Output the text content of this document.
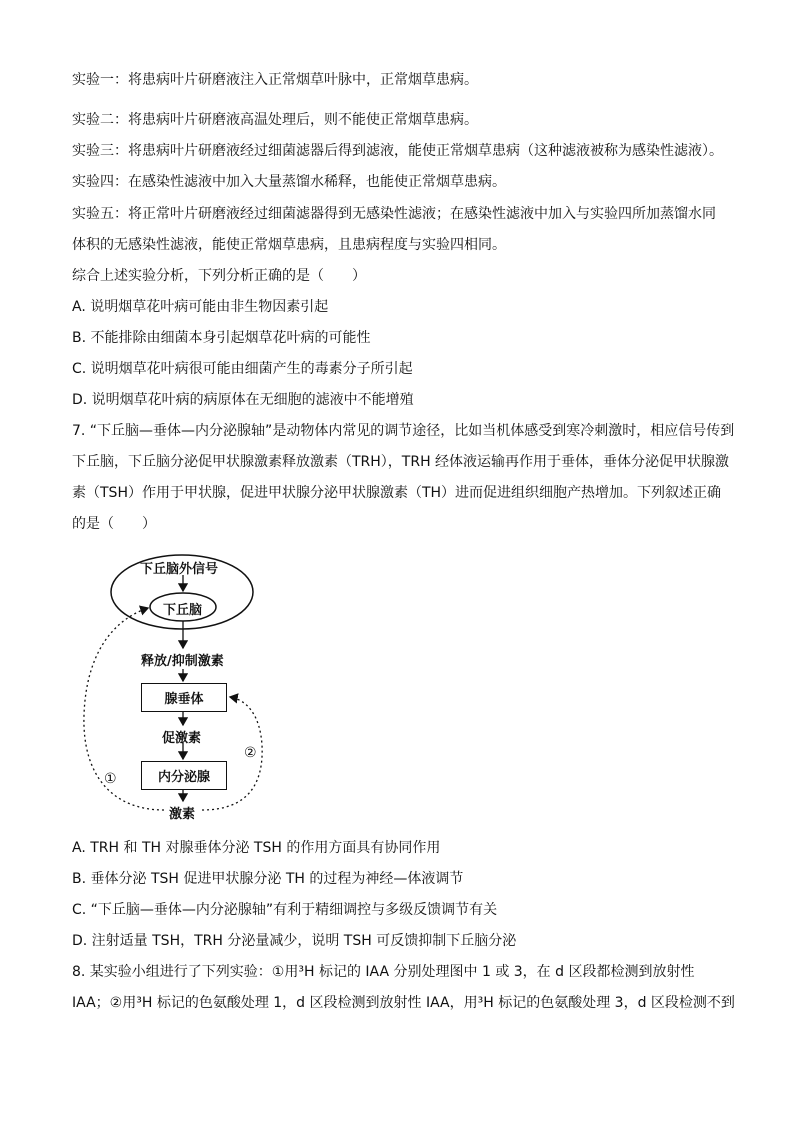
实验一：将患病叶片研磨液注入正常烟草叶脉中，正常烟草患病。
实验二：将患病叶片研磨液高温处理后，则不能使正常烟草患病。
实验三：将患病叶片研磨液经过细菌滤器后得到滤液，能使正常烟草患病（这种滤液被称为感染性滤液）。
实验四：在感染性滤液中加入大量蒸馏水稀释，也能使正常烟草患病。
实验五：将正常叶片研磨液经过细菌滤器得到无感染性滤液；在感染性滤液中加入与实验四所加蒸馏水同
体积的无感染性滤液，能使正常烟草患病，且患病程度与实验四相同。
综合上述实验分析，下列分析正确的是（　　）
A. 说明烟草花叶病可能由非生物因素引起
B. 不能排除由细菌本身引起烟草花叶病的可能性
C. 说明烟草花叶病很可能由细菌产生的毒素分子所引起
D. 说明烟草花叶病的病原体在无细胞的滤液中不能增殖
7. “下丘脑—垂体—内分泌腺轴”是动物体内常见的调节途径，比如当机体感受到寒冷刺激时，相应信号传到
下丘脑，下丘脑分泌促甲状腺激素释放激素（TRH），TRH 经体液运输再作用于垂体，垂体分泌促甲状腺激
素（TSH）作用于甲状腺，促进甲状腺分泌甲状腺激素（TH）进而促进组织细胞产热增加。下列叙述正确
的是（　　）
下丘脑外信号
下丘脑
释放/抑制激素
腺垂体
促激素
内分泌腺
激素
①
②
A. TRH 和 TH 对腺垂体分泌 TSH 的作用方面具有协同作用
B. 垂体分泌 TSH 促进甲状腺分泌 TH 的过程为神经—体液调节
C. “下丘脑—垂体—内分泌腺轴”有利于精细调控与多级反馈调节有关
D. 注射适量 TSH，TRH 分泌量减少，说明 TSH 可反馈抑制下丘脑分泌
8. 某实验小组进行了下列实验：①用³H 标记的 IAA 分别处理图中 1 或 3，在 d 区段都检测到放射性
IAA；②用³H 标记的色氨酸处理 1，d 区段检测到放射性 IAA，用³H 标记的色氨酸处理 3，d 区段检测不到
